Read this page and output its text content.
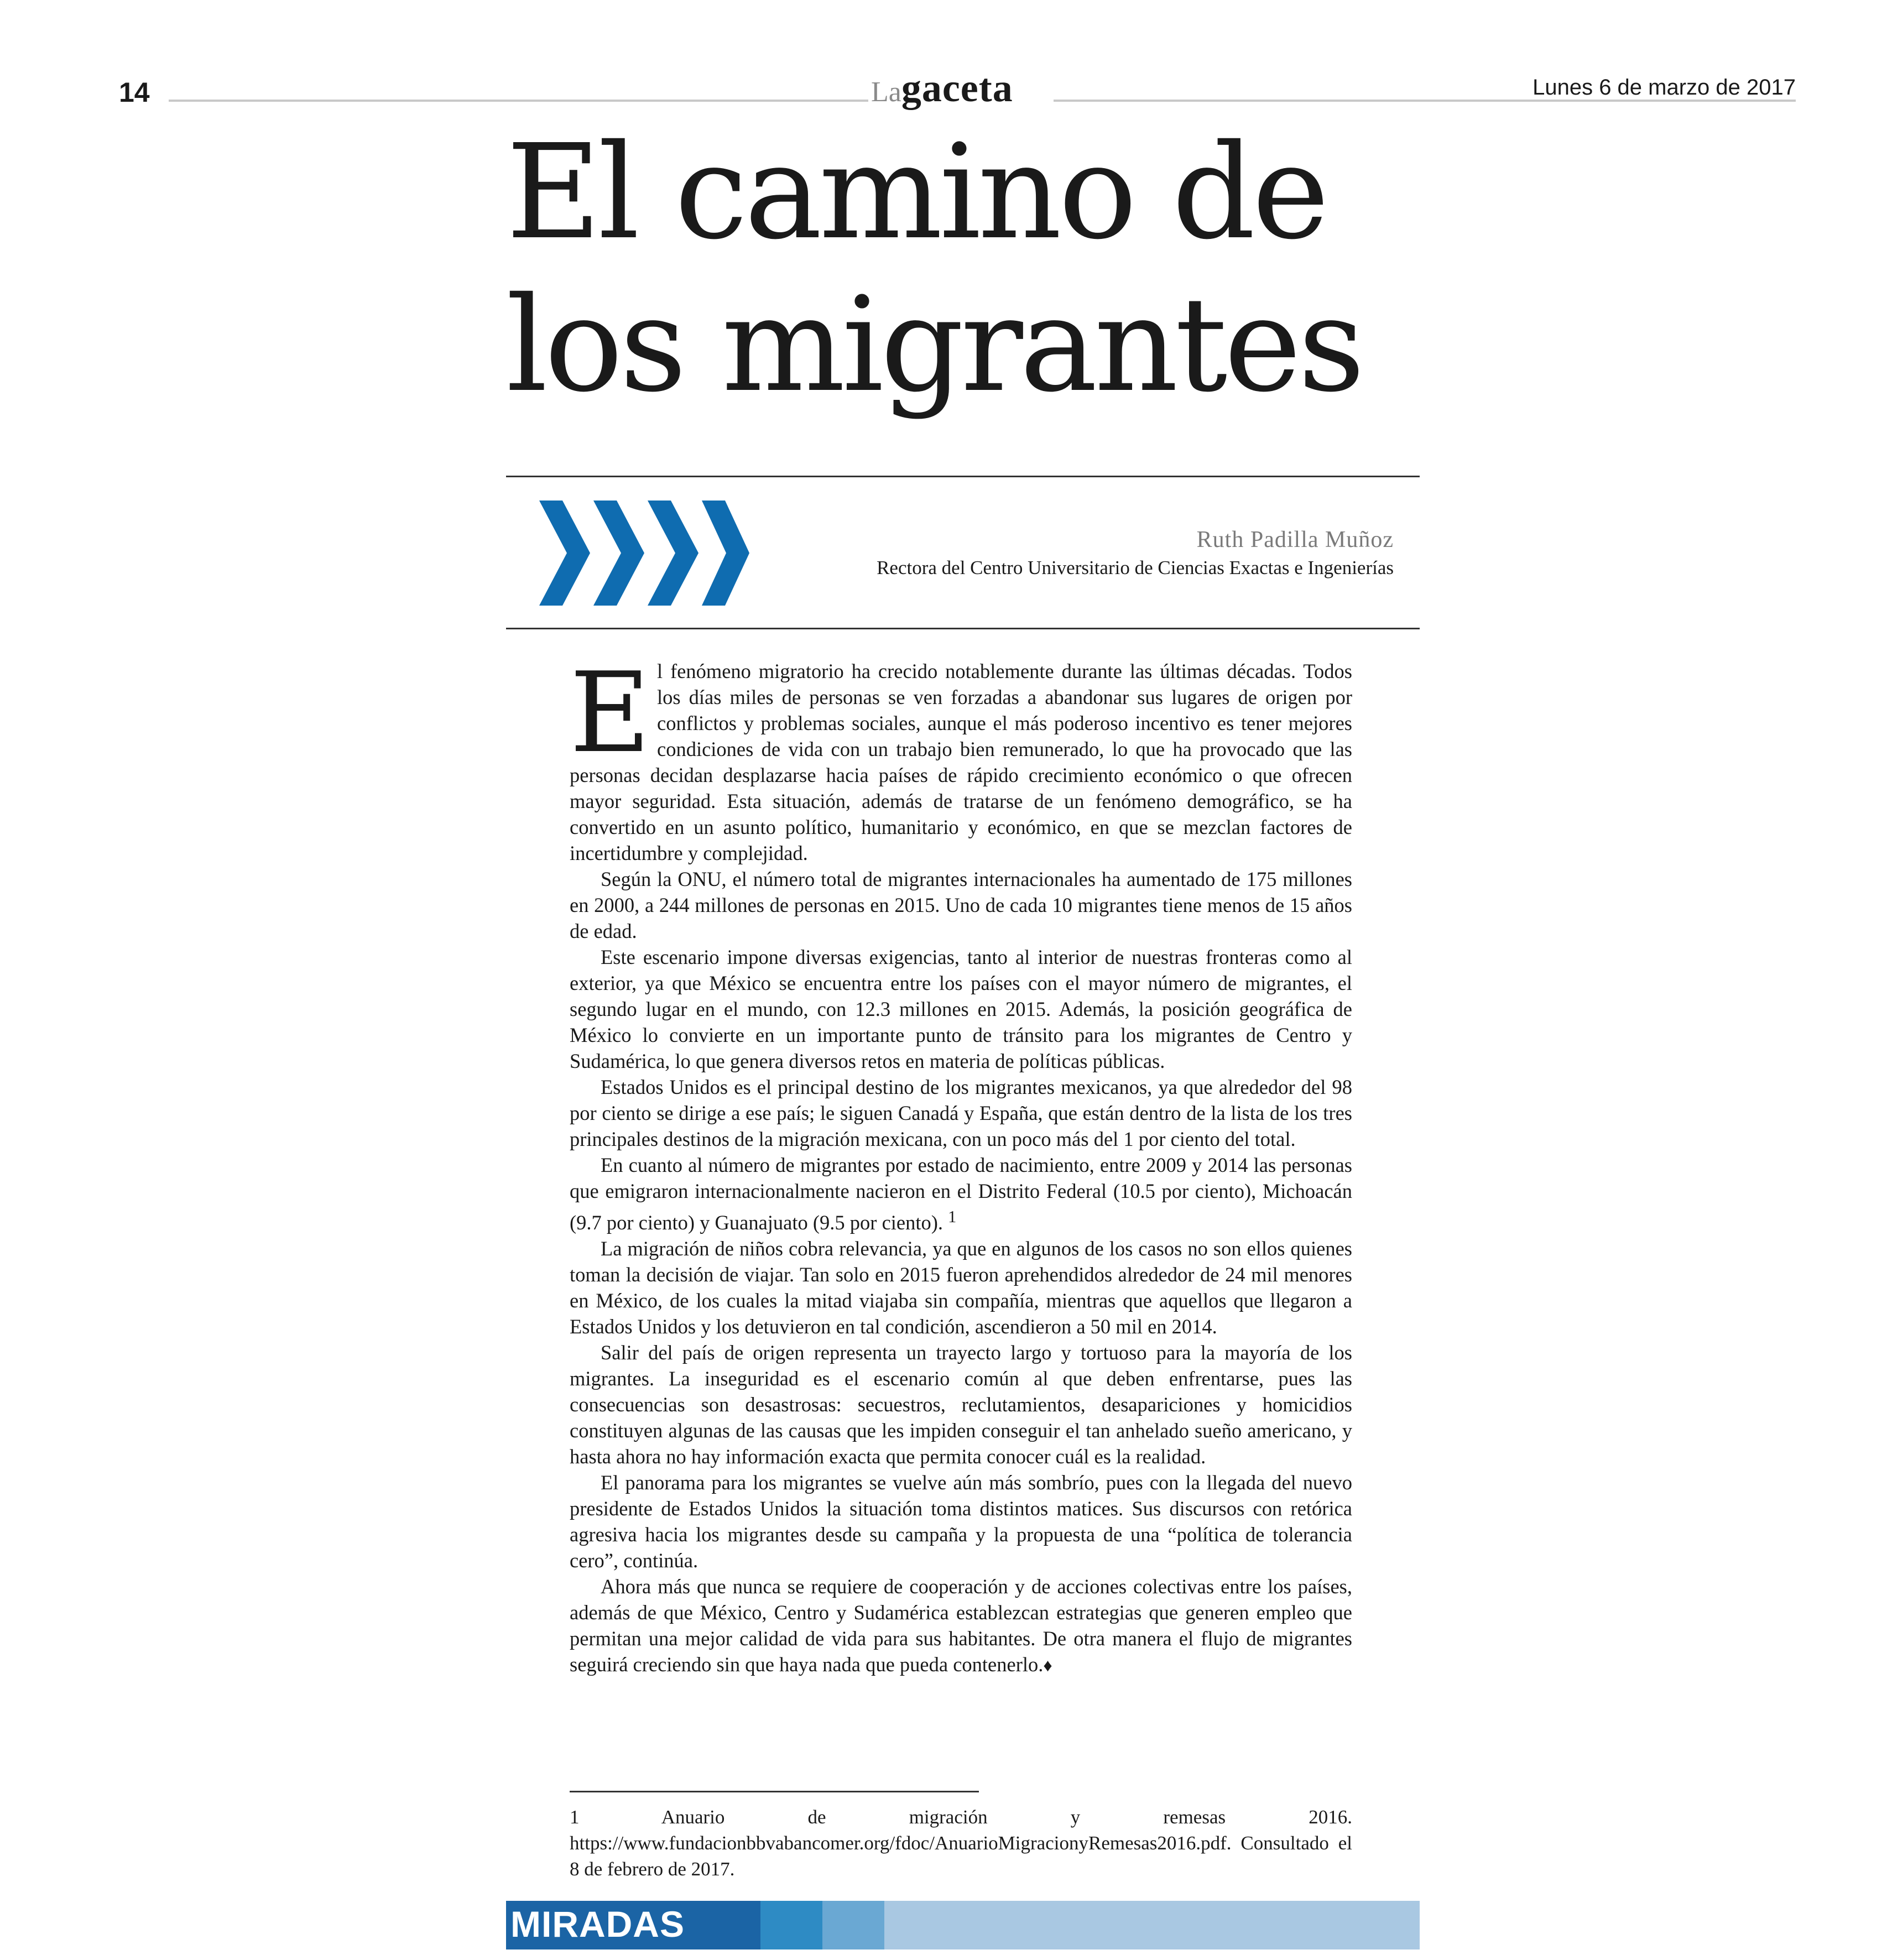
14	Lagaceta	Lunes 6 de marzo de 2017
El camino de
los migrantes
Ruth Padilla Muñoz
Rectora del Centro Universitario de Ciencias Exactas e Ingenierías

El fenómeno migratorio ha crecido notablemente durante las últimas décadas. Todos los días miles de personas se ven forzadas a abandonar sus lugares de origen por conflictos y problemas sociales, aunque el más poderoso incentivo es tener mejores condiciones de vida con un trabajo bien remunerado, lo que ha provocado que las personas decidan desplazarse hacia países de rápido crecimiento económico o que ofrecen mayor seguridad. Esta situación, además de tratarse de un fenómeno demográfico, se ha convertido en un asunto político, humanitario y económico, en que se mezclan factores de incertidumbre y complejidad.

Según la ONU, el número total de migrantes internacionales ha aumentado de 175 millones en 2000, a 244 millones de personas en 2015. Uno de cada 10 migrantes tiene menos de 15 años de edad.

Este escenario impone diversas exigencias, tanto al interior de nuestras fronteras como al exterior, ya que México se encuentra entre los países con el mayor número de migrantes, el segundo lugar en el mundo, con 12.3 millones en 2015. Además, la posición geográfica de México lo convierte en un importante punto de tránsito para los migrantes de Centro y Sudamérica, lo que genera diversos retos en materia de políticas públicas.

Estados Unidos es el principal destino de los migrantes mexicanos, ya que alrededor del 98 por ciento se dirige a ese país; le siguen Canadá y España, que están dentro de la lista de los tres principales destinos de la migración mexicana, con un poco más del 1 por ciento del total.

En cuanto al número de migrantes por estado de nacimiento, entre 2009 y 2014 las personas que emigraron internacionalmente nacieron en el Distrito Federal (10.5 por ciento), Michoacán (9.7 por ciento) y Guanajuato (9.5 por ciento). $^1$

La migración de niños cobra relevancia, ya que en algunos de los casos no son ellos quienes toman la decisión de viajar. Tan solo en 2015 fueron aprehendidos alrededor de 24 mil menores en México, de los cuales la mitad viajaba sin compañía, mientras que aquellos que llegaron a Estados Unidos y los detuvieron en tal condición, ascendieron a 50 mil en 2014.

Salir del país de origen representa un trayecto largo y tortuoso para la mayoría de los migrantes. La inseguridad es el escenario común al que deben enfrentarse, pues las consecuencias son desastrosas: secuestros, reclutamientos, desapariciones y homicidios constituyen algunas de las causas que les impiden conseguir el tan anhelado sueño americano, y hasta ahora no hay información exacta que permita conocer cuál es la realidad.

El panorama para los migrantes se vuelve aún más sombrío, pues con la llegada del nuevo presidente de Estados Unidos la situación toma distintos matices. Sus discursos con retórica agresiva hacia los migrantes desde su campaña y la propuesta de una “política de tolerancia cero”, continúa.

Ahora más que nunca se requiere de cooperación y de acciones colectivas entre los países, además de que México, Centro y Sudamérica establezcan estrategias que generen empleo que permitan una mejor calidad de vida para sus habitantes. De otra manera el flujo de migrantes seguirá creciendo sin que haya nada que pueda contenerlo.♦

1 Anuario de migración y remesas 2016. https://www.fundacionbbvabancomer.org/fdoc/AnuarioMigracionyRemesas2016.pdf. Consultado el 8 de febrero de 2017.

MIRADAS
